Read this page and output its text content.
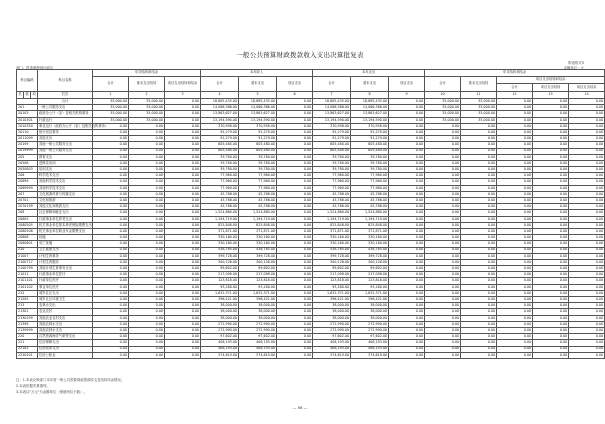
一般公共预算财政拨款收入支出决算批复表
附表格式5
金额单位：元
部门：驻香港特别行政区
科目编码			科目名称	年初结转和结余			本年收入			本年支出			年末结转和结余				
				合计	基本支出结转	项目支出结转和结余	合计	基本支出	项目支出	合计	基本支出	项目支出	合计	基本支出结转	项目支出结转和结余		
															合计	项目支出结转	项目支出结余
类	款	项	栏次	1	2	3	4	5	6	7	8	9	10	11	12	13	14
			合计	35,000.00	35,000.00	0.00	18,865,435.00	18,865,435.00	0.00	18,865,435.00	18,865,435.00	0.00	35,000.00	35,000.00	0.00	0.00	0.00
201			一般公共服务支出	35,000.00	35,000.00	0.00	14,066,386.00	14,066,386.00	0.00	14,066,386.00	14,066,386.00	0.00	35,000.00	35,000.00	0.00	0.00	0.00
20103			政府办公厅（室）及相关机构事务	35,000.00	35,000.00	0.00	13,863,627.00	13,863,627.00	0.00	13,863,627.00	13,863,627.00	0.00	35,000.00	35,000.00	0.00	0.00	0.00
2010301			行政运行	35,000.00	35,000.00	0.00	13,194,590.00	13,194,590.00	0.00	13,194,590.00	13,194,590.00	0.00	35,000.00	35,000.00	0.00	0.00	0.00
2010350			事业运行（政府办公厅（室）及相关机构事务）	0.00	0.00	0.00	370,958.00	370,958.00	0.00	370,958.00	370,958.00	0.00	0.00	0.00	0.00	0.00	0.00
20110			统计信息事务	0.00	0.00	0.00	91,279.00	91,279.00	0.00	91,279.00	91,279.00	0.00	0.00	0.00	0.00	0.00	0.00
2011099			其他支出	0.00	0.00	0.00	91,279.00	91,279.00	0.00	91,279.00	91,279.00	0.00	0.00	0.00	0.00	0.00	0.00
20199			其他一般公共服务支出	0.00	0.00	0.00	805,480.00	805,480.00	0.00	805,480.00	805,480.00	0.00	0.00	0.00	0.00	0.00	0.00
2019999			其他一般公共服务支出	0.00	0.00	0.00	805,480.00	805,480.00	0.00	805,480.00	805,480.00	0.00	0.00	0.00	0.00	0.00	0.00
205			教育支出	0.00	0.00	0.00	39,780.00	39,780.00	0.00	39,780.00	39,780.00	0.00	0.00	0.00	0.00	0.00	0.00
20508			进修及培训	0.00	0.00	0.00	39,780.00	39,780.00	0.00	39,780.00	39,780.00	0.00	0.00	0.00	0.00	0.00	0.00
2050803			培训支出	0.00	0.00	0.00	39,780.00	39,780.00	0.00	39,780.00	39,780.00	0.00	0.00	0.00	0.00	0.00	0.00
206			科学技术支出	0.00	0.00	0.00	77,960.00	77,960.00	0.00	77,960.00	77,960.00	0.00	0.00	0.00	0.00	0.00	0.00
20699			其他科学技术支出	0.00	0.00	0.00	77,960.00	77,960.00	0.00	77,960.00	77,960.00	0.00	0.00	0.00	0.00	0.00	0.00
2069999			其他科学技术支出	0.00	0.00	0.00	77,960.00	77,960.00	0.00	77,960.00	77,960.00	0.00	0.00	0.00	0.00	0.00	0.00
207			文化旅游体育与传媒支出	0.00	0.00	0.00	45,786.00	45,786.00	0.00	45,786.00	45,786.00	0.00	0.00	0.00	0.00	0.00	0.00
20701			文化和旅游	0.00	0.00	0.00	45,786.00	45,786.00	0.00	45,786.00	45,786.00	0.00	0.00	0.00	0.00	0.00	0.00
2070199			其他文化和旅游支出	0.00	0.00	0.00	45,786.00	45,786.00	0.00	45,786.00	45,786.00	0.00	0.00	0.00	0.00	0.00	0.00
208			社会保障和就业支出	0.00	0.00	0.00	1,524,860.00	1,524,860.00	0.00	1,524,860.00	1,524,860.00	0.00	0.00	0.00	0.00	0.00	0.00
20805			行政事业单位养老支出	0.00	0.00	0.00	1,194,719.00	1,194,719.00	0.00	1,194,719.00	1,194,719.00	0.00	0.00	0.00	0.00	0.00	0.00
2080505			机关事业单位基本养老保险缴费支出	0.00	0.00	0.00	825,848.00	825,848.00	0.00	825,848.00	825,848.00	0.00	0.00	0.00	0.00	0.00	0.00
2080506			机关事业单位职业年金缴费支出	0.00	0.00	0.00	371,871.00	371,871.00	0.00	371,871.00	371,871.00	0.00	0.00	0.00	0.00	0.00	0.00
20808			抚恤	0.00	0.00	0.00	330,160.00	330,160.00	0.00	330,160.00	330,160.00	0.00	0.00	0.00	0.00	0.00	0.00
2080801			死亡抚恤	0.00	0.00	0.00	330,160.00	330,160.00	0.00	330,160.00	330,160.00	0.00	0.00	0.00	0.00	0.00	0.00
210			卫生健康支出	0.00	0.00	0.00	438,785.00	438,785.00	0.00	438,785.00	438,785.00	0.00	0.00	0.00	0.00	0.00	0.00
21007			计划生育事务	0.00	0.00	0.00	399,728.00	399,728.00	0.00	399,728.00	399,728.00	0.00	0.00	0.00	0.00	0.00	0.00
2100717			计划生育服务	0.00	0.00	0.00	300,126.00	300,126.00	0.00	300,126.00	300,126.00	0.00	0.00	0.00	0.00	0.00	0.00
2100799			其他计划生育事务支出	0.00	0.00	0.00	99,602.00	99,602.00	0.00	99,602.00	99,602.00	0.00	0.00	0.00	0.00	0.00	0.00
21011			行政事业单位医疗	0.00	0.00	0.00	217,098.00	217,098.00	0.00	217,098.00	217,098.00	0.00	0.00	0.00	0.00	0.00	0.00
2101101			行政单位医疗	0.00	0.00	0.00	123,818.00	123,818.00	0.00	123,818.00	123,818.00	0.00	0.00	0.00	0.00	0.00	0.00
2101102			事业单位医疗	0.00	0.00	0.00	93,280.00	93,280.00	0.00	93,280.00	93,280.00	0.00	0.00	0.00	0.00	0.00	0.00
212			城乡社区支出	0.00	0.00	0.00	1,632,371.00	1,632,371.00	0.00	1,632,371.00	1,632,371.00	0.00	0.00	0.00	0.00	0.00	0.00
21205			城乡社区环境卫生	0.00	0.00	0.00	396,421.00	396,421.00	0.00	396,421.00	396,421.00	0.00	0.00	0.00	0.00	0.00	0.00
213			农林水支出	0.00	0.00	0.00	38,000.00	38,000.00	0.00	38,000.00	38,000.00	0.00	0.00	0.00	0.00	0.00	0.00
21301			农业农村	0.00	0.00	0.00	38,000.00	38,000.00	0.00	38,000.00	38,000.00	0.00	0.00	0.00	0.00	0.00	0.00
2130199			其他农业农村支出	0.00	0.00	0.00	38,000.00	38,000.00	0.00	38,000.00	38,000.00	0.00	0.00	0.00	0.00	0.00	0.00
21399			其他农林水支出	0.00	0.00	0.00	272,990.00	272,990.00	0.00	272,990.00	272,990.00	0.00	0.00	0.00	0.00	0.00	0.00
2139999			其他农林水支出	0.00	0.00	0.00	272,990.00	272,990.00	0.00	272,990.00	272,990.00	0.00	0.00	0.00	0.00	0.00	0.00
220			自然资源海洋气象等支出	0.00	0.00	0.00	97,602.00	97,602.00	0.00	97,602.00	97,602.00	0.00	0.00	0.00	0.00	0.00	0.00
221			住房保障支出	0.00	0.00	0.00	408,193.00	408,193.00	0.00	408,193.00	408,193.00	0.00	0.00	0.00	0.00	0.00	0.00
22102			住房改革支出	0.00	0.00	0.00	408,193.00	408,193.00	0.00	408,193.00	408,193.00	0.00	0.00	0.00	0.00	0.00	0.00
2210201			住房公积金	0.00	0.00	0.00	374,619.00	374,619.00	0.00	374,619.00	374,619.00	0.00	0.00	0.00	0.00	0.00	0.00
注：1.本表反映部门本年度一般公共预算财政拨款收支及结转结余情况。
2.本表依据决算填列。
3.本表以"万元"为金额单位（保留两位小数）。
— 56 —
